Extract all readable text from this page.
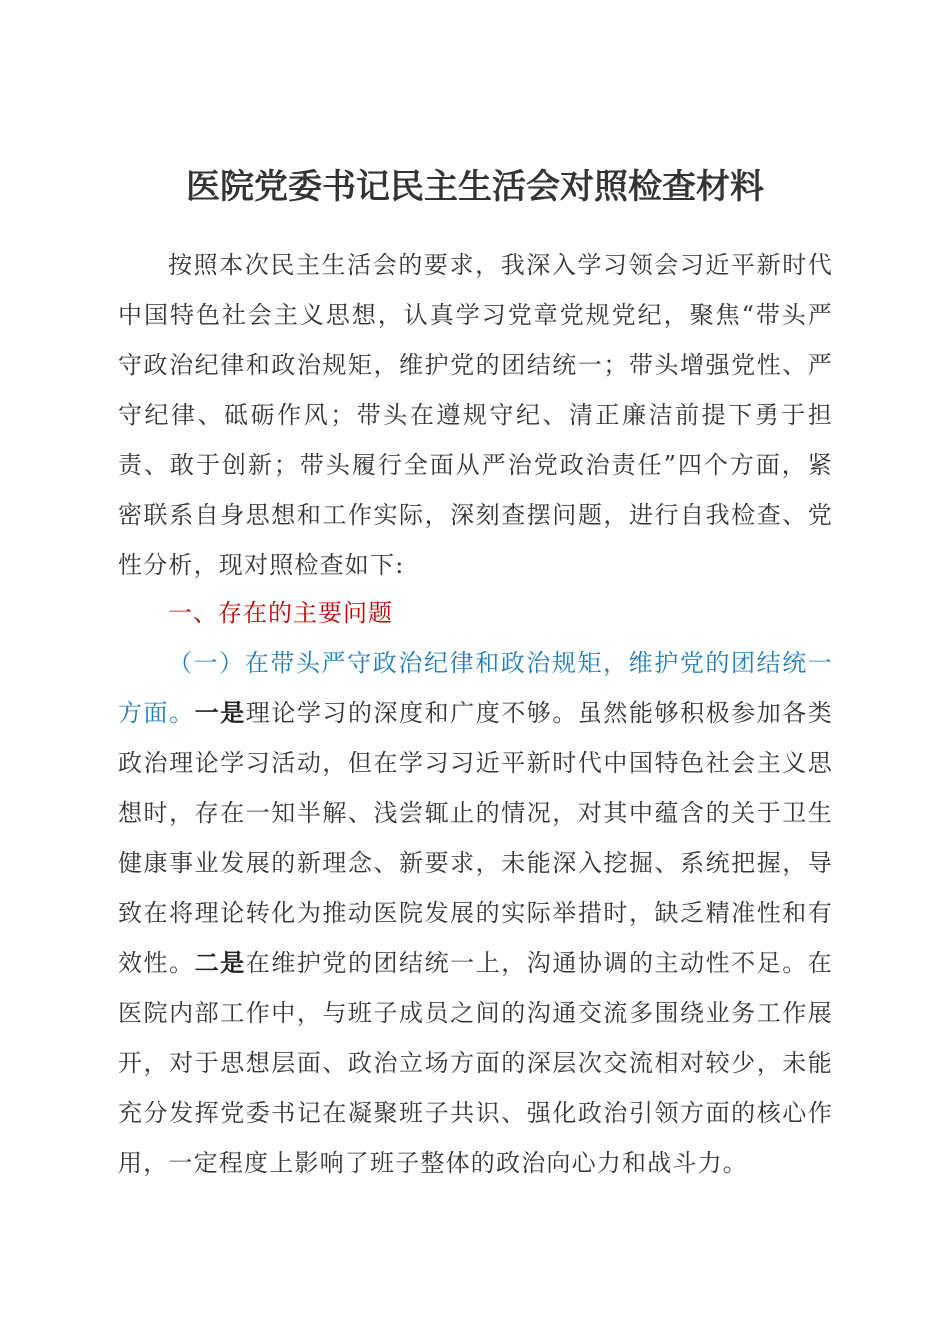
医院党委书记民主生活会对照检查材料
按照本次民主生活会的要求，我深入学习领会习近平新时代中国特色社会主义思想，认真学习党章党规党纪，聚焦“带头严守政治纪律和政治规矩，维护党的团结统一；带头增强党性、严守纪律、砥砺作风；带头在遵规守纪、清正廉洁前提下勇于担责、敢于创新；带头履行全面从严治党政治责任”四个方面，紧密联系自身思想和工作实际，深刻查摆问题，进行自我检查、党性分析，现对照检查如下:
一、存在的主要问题
（一）在带头严守政治纪律和政治规矩，维护党的团结统一方面。一是理论学习的深度和广度不够。虽然能够积极参加各类政治理论学习活动，但在学习习近平新时代中国特色社会主义思想时，存在一知半解、浅尝辄止的情况，对其中蕴含的关于卫生健康事业发展的新理念、新要求，未能深入挖掘、系统把握，导致在将理论转化为推动医院发展的实际举措时，缺乏精准性和有效性。二是在维护党的团结统一上，沟通协调的主动性不足。在医院内部工作中，与班子成员之间的沟通交流多围绕业务工作展开，对于思想层面、政治立场方面的深层次交流相对较少，未能充分发挥党委书记在凝聚班子共识、强化政治引领方面的核心作用，一定程度上影响了班子整体的政治向心力和战斗力。
